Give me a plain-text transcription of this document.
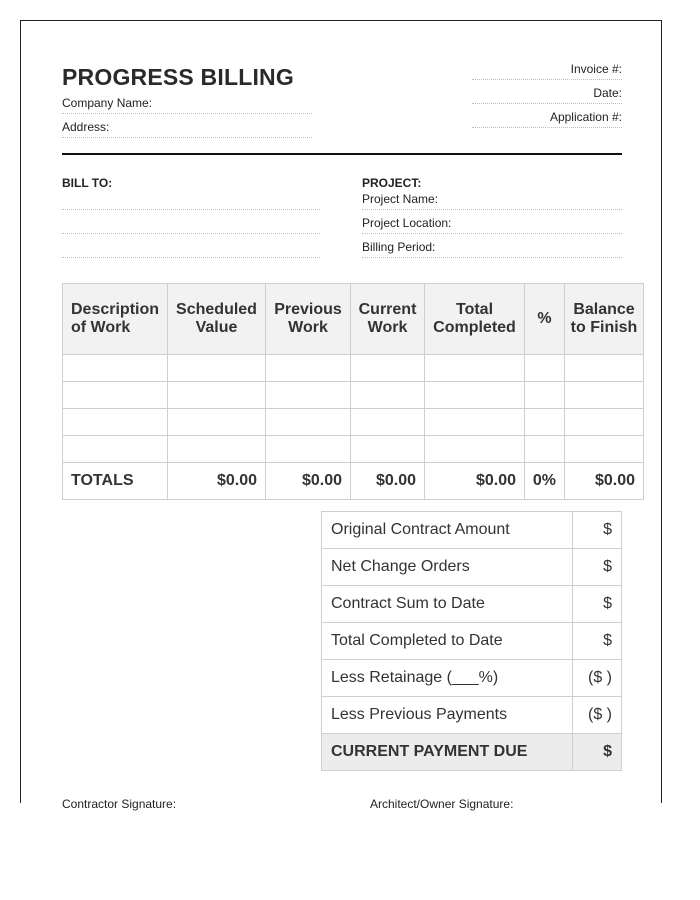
PROGRESS BILLING
Company Name:
Address:
Invoice #:
Date:
Application #:
BILL TO:	PROJECT:
Project Name:
Project Location:
Billing Period:
Description of Work	Scheduled Value	Previous Work	Current Work	Total Completed	%	Balance to Finish

TOTALS	$0.00	$0.00	$0.00	$0.00	0%	$0.00
Original Contract Amount	$
Net Change Orders	$
Contract Sum to Date	$
Total Completed to Date	$
Less Retainage (___%)	($ )
Less Previous Payments	($ )
CURRENT PAYMENT DUE	$
Contractor Signature:	Architect/Owner Signature:
